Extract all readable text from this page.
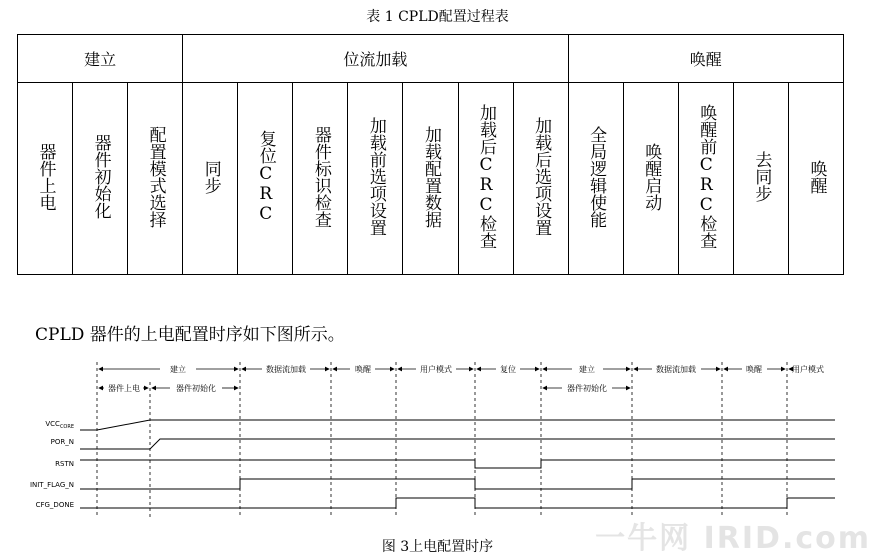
表 1 CPLD配置过程表
建立			位流加载							唤醒				
器件上电	器件初始化	配置模式选择	同步	复位CRC	器件标识检查	加载前选项设置	加载配置数据	加载后CRC检查	加载后选项设置	全局逻辑使能	唤醒启动	唤醒前CRC检查	去同步	唤醒
CPLD 器件的上电配置时序如下图所示。
建立	数据流加载	唤醒	用户模式	复位	建立	数据流加载	唤醒	用户模式
器件上电	器件初始化	器件初始化
$VCC_{CORE}$
POR_N
RSTN
INIT_FLAG_N
CFG_DONE
图 3上电配置时序	一牛网 IRID.com
